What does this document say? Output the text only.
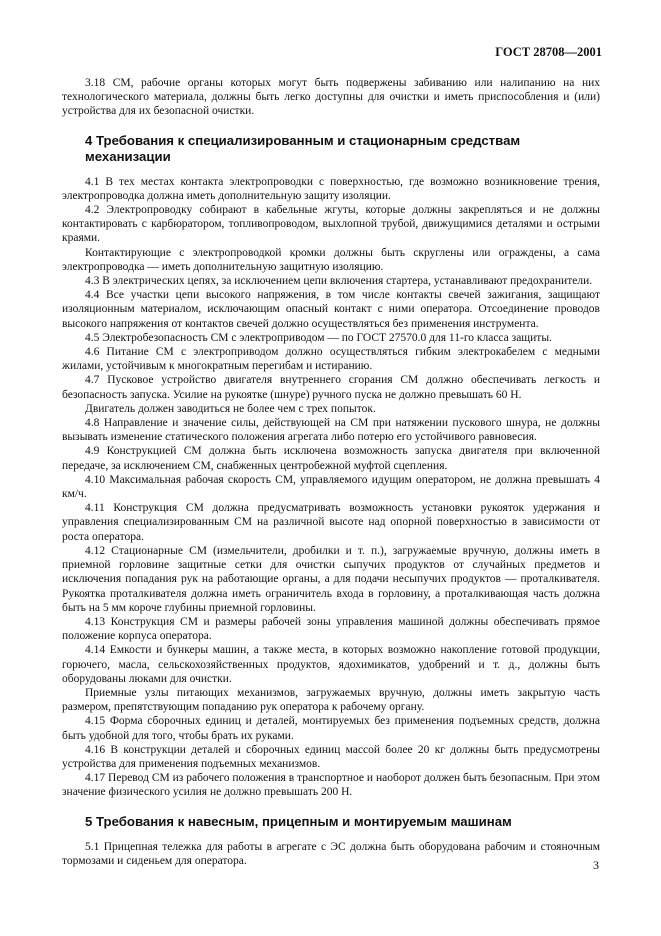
ГОСТ 28708—2001

3.18 СМ, рабочие органы которых могут быть подвержены забиванию или налипанию на них технологического материала, должны быть легко доступны для очистки и иметь приспособления и (или) устройства для их безопасной очистки.

4 Требования к специализированным и стационарным средствам механизации

4.1 В тех местах контакта электропроводки с поверхностью, где возможно возникновение трения, электропроводка должна иметь дополнительную защиту изоляции.

4.2 Электропроводку собирают в кабельные жгуты, которые должны закрепляться и не должны контактировать с карбюратором, топливопроводом, выхлопной трубой, движущимися деталями и острыми краями.

Контактирующие с электропроводкой кромки должны быть скруглены или ограждены, а сама электропроводка — иметь дополнительную защитную изоляцию.

4.3 В электрических цепях, за исключением цепи включения стартера, устанавливают предохранители.

4.4 Все участки цепи высокого напряжения, в том числе контакты свечей зажигания, защищают изоляционным материалом, исключающим опасный контакт с ними оператора. Отсоединение проводов высокого напряжения от контактов свечей должно осуществляться без применения инструмента.

4.5 Электробезопасность СМ с электроприводом — по ГОСТ 27570.0 для 11-го класса защиты.

4.6 Питание СМ с электроприводом должно осуществляться гибким электрокабелем с медными жилами, устойчивым к многократным перегибам и истиранию.

4.7 Пусковое устройство двигателя внутреннего сгорания СМ должно обеспечивать легкость и безопасность запуска. Усилие на рукоятке (шнуре) ручного пуска не должно превышать 60 Н.

Двигатель должен заводиться не более чем с трех попыток.

4.8 Направление и значение силы, действующей на СМ при натяжении пускового шнура, не должны вызывать изменение статического положения агрегата либо потерю его устойчивого равновесия.

4.9 Конструкцией СМ должна быть исключена возможность запуска двигателя при включенной передаче, за исключением СМ, снабженных центробежной муфтой сцепления.

4.10 Максимальная рабочая скорость СМ, управляемого идущим оператором, не должна превышать 4 км/ч.

4.11 Конструкция СМ должна предусматривать возможность установки рукояток удержания и управления специализированным СМ на различной высоте над опорной поверхностью в зависимости от роста оператора.

4.12 Стационарные СМ (измельчители, дробилки и т. п.), загружаемые вручную, должны иметь в приемной горловине защитные сетки для очистки сыпучих продуктов от случайных предметов и исключения попадания рук на работающие органы, а для подачи несыпучих продуктов — проталкивателя. Рукоятка проталкивателя должна иметь ограничитель входа в горловину, а проталкивающая часть должна быть на 5 мм короче глубины приемной горловины.

4.13 Конструкция СМ и размеры рабочей зоны управления машиной должны обеспечивать прямое положение корпуса оператора.

4.14 Емкости и бункеры машин, а также места, в которых возможно накопление готовой продукции, горючего, масла, сельскохозяйственных продуктов, ядохимикатов, удобрений и т. д., должны быть оборудованы люками для очистки.

Приемные узлы питающих механизмов, загружаемых вручную, должны иметь закрытую часть размером, препятствующим попаданию рук оператора к рабочему органу.

4.15 Форма сборочных единиц и деталей, монтируемых без применения подъемных средств, должна быть удобной для того, чтобы брать их руками.

4.16 В конструкции деталей и сборочных единиц массой более 20 кг должны быть предусмотрены устройства для применения подъемных механизмов.

4.17 Перевод СМ из рабочего положения в транспортное и наоборот должен быть безопасным. При этом значение физического усилия не должно превышать 200 Н.

5 Требования к навесным, прицепным и монтируемым машинам

5.1 Прицепная тележка для работы в агрегате с ЭС должна быть оборудована рабочим и стояночным тормозами и сиденьем для оператора.	3
